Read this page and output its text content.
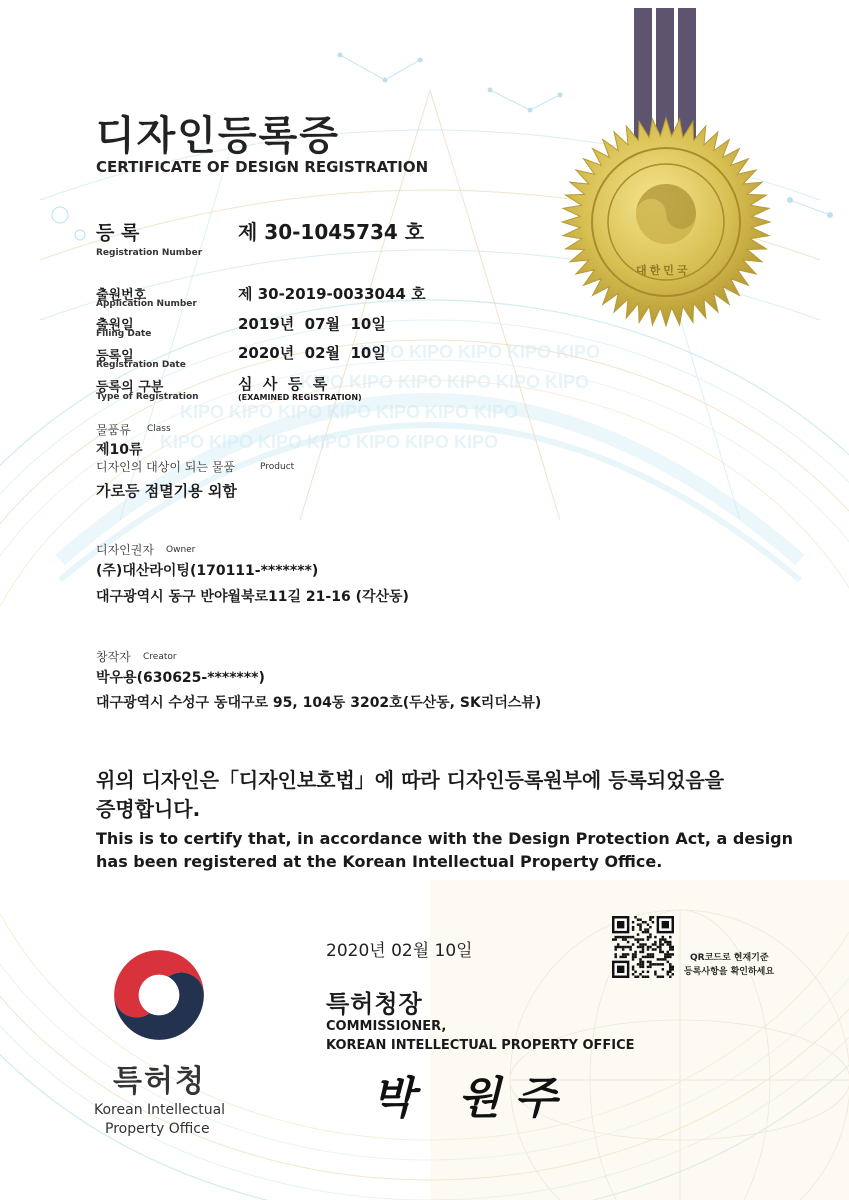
KIPO KIPO KIPO KIPO KIPO
KIPO KIPO KIPO KIPO KIPO KIPO
KIPO KIPO KIPO KIPO KIPO KIPO KIPO
KIPO KIPO KIPO KIPO KIPO KIPO KIPO
디자인등록증
CERTIFICATE OF DESIGN REGISTRATION
대한민국
등 록
Registration Number
제 30-1045734 호
출원번호
Application Number
제 30-2019-0033044 호
출원일
Filing Date
2019년  07월  10일
등록일
Registration Date
2020년  02월  10일
등록의 구분
Type of Registration
심  사  등  록
(EXAMINED REGISTRATION)
물품류 Class
제10류
디자인의 대상이 되는 물품	Product
가로등 점멸기용 외함
디자인권자 Owner
(주)대산라이팅(170111-*******)
대구광역시 동구 반야월북로11길 21-16 (각산동)
창작자 Creator
박우용(630625-*******)
대구광역시 수성구 동대구로 95, 104동 3202호(두산동, SK리더스뷰)
위의 디자인은「디자인보호법」에 따라 디자인등록원부에 등록되었음을
증명합니다.
This is to certify that, in accordance with the Design Protection Act, a design
has been registered at the Korean Intellectual Property Office.
QR코드로 현재기준
등록사항을 확인하세요
2020년 02월 10일
특허청장
COMMISSIONER,
KOREAN INTELLECTUAL PROPERTY OFFICE
박 원주
특허청
Korean Intellectual
Property Office
